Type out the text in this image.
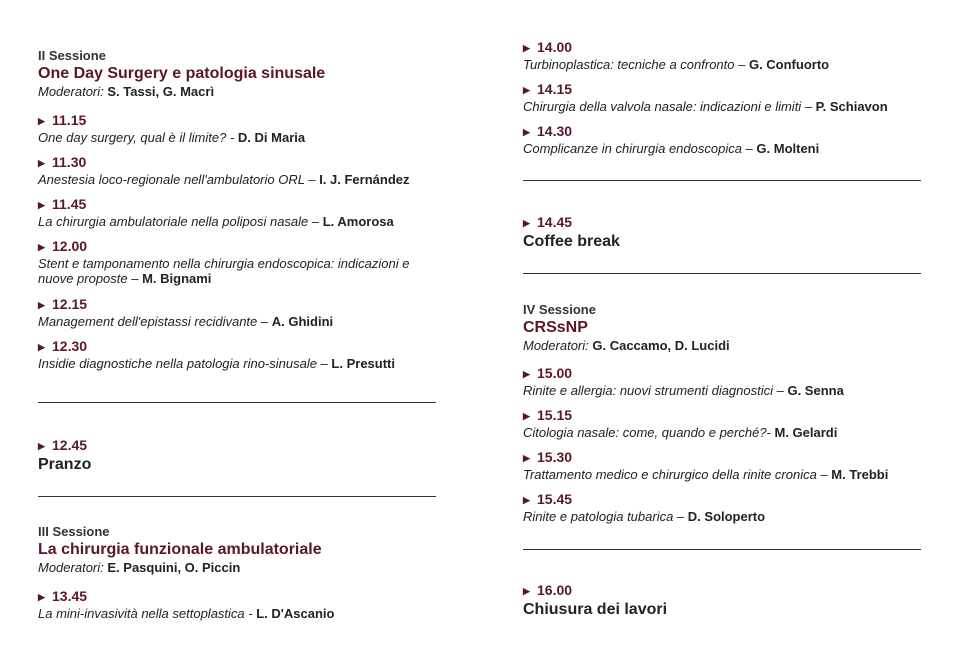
II Sessione
One Day Surgery e patologia sinusale
Moderatori: S. Tassi, G. Macrì
▶ 11.15
One day surgery, qual è il limite? - D. Di Maria
▶ 11.30
Anestesia loco-regionale nell'ambulatorio ORL – I. J. Fernández
▶ 11.45
La chirurgia ambulatoriale nella poliposi nasale – L. Amorosa
▶ 12.00
Stent e tamponamento nella chirurgia endoscopica: indicazioni e nuove proposte – M. Bignami
▶ 12.15
Management dell'epistassi recidivante – A. Ghidini
▶ 12.30
Insidie diagnostiche nella patologia rino-sinusale – L. Presutti
▶ 12.45
Pranzo
III Sessione
La chirurgia funzionale ambulatoriale
Moderatori: E. Pasquini, O. Piccin
▶ 13.45
La mini-invasività nella settoplastica - L. D'Ascanio
▶ 14.00
Turbinoplastica: tecniche a confronto – G. Confuorto
▶ 14.15
Chirurgia della valvola nasale: indicazioni e limiti – P. Schiavon
▶ 14.30
Complicanze in chirurgia endoscopica – G. Molteni
▶ 14.45
Coffee break
IV Sessione
CRSsNP
Moderatori: G. Caccamo, D. Lucidi
▶ 15.00
Rinite e allergia: nuovi strumenti diagnostici – G. Senna
▶ 15.15
Citologia nasale: come, quando e perché?- M. Gelardi
▶ 15.30
Trattamento medico e chirurgico della rinite cronica – M. Trebbi
▶ 15.45
Rinite e patologia tubarica – D. Soloperto
▶ 16.00
Chiusura dei lavori
